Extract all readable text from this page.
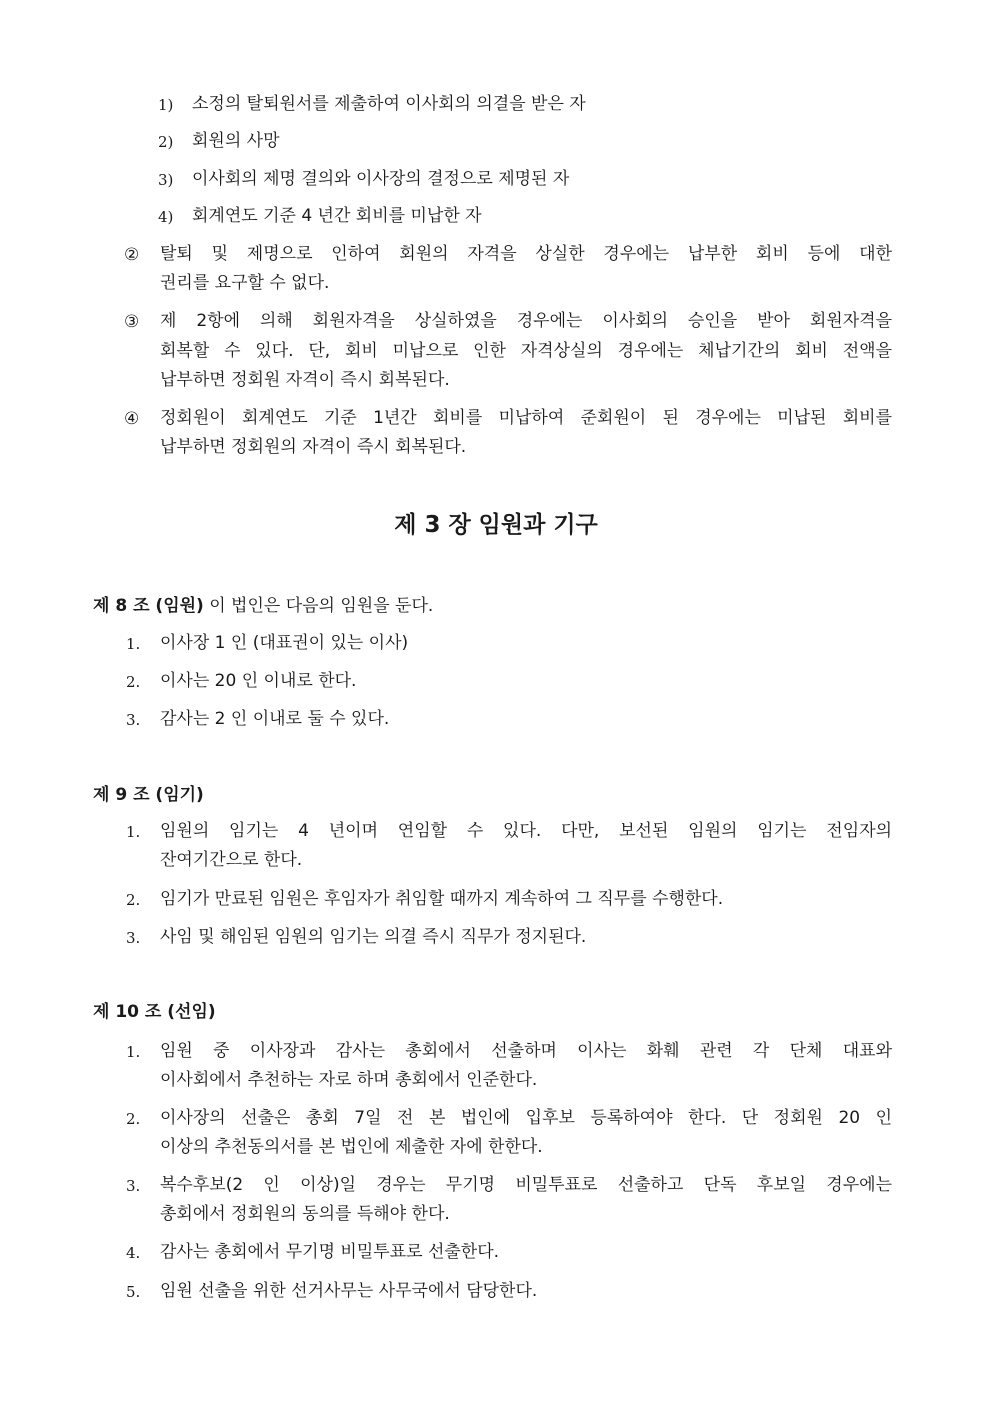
1) 소정의 탈퇴원서를 제출하여 이사회의 의결을 받은 자
2) 회원의 사망
3) 이사회의 제명 결의와 이사장의 결정으로 제명된 자
4) 회계연도 기준 4 년간 회비를 미납한 자
② 탈퇴 및 제명으로 인하여 회원의 자격을 상실한 경우에는 납부한 회비 등에 대한
권리를 요구할 수 없다.
③ 제 2항에 의해 회원자격을 상실하였을 경우에는 이사회의 승인을 받아 회원자격을
회복할 수 있다. 단, 회비 미납으로 인한 자격상실의 경우에는 체납기간의 회비 전액을
납부하면 정회원 자격이 즉시 회복된다.
④ 정회원이 회계연도 기준 1년간 회비를 미납하여 준회원이 된 경우에는 미납된 회비를
납부하면 정회원의 자격이 즉시 회복된다.
제 3 장 임원과 기구
제 8 조 (임원) 이 법인은 다음의 임원을 둔다.
1. 이사장 1 인 (대표권이 있는 이사)
2. 이사는 20 인 이내로 한다.
3. 감사는 2 인 이내로 둘 수 있다.
제 9 조 (임기)
1. 임원의 임기는 4 년이며 연임할 수 있다. 다만, 보선된 임원의 임기는 전임자의
잔여기간으로 한다.
2. 임기가 만료된 임원은 후임자가 취임할 때까지 계속하여 그 직무를 수행한다.
3. 사임 및 해임된 임원의 임기는 의결 즉시 직무가 정지된다.
제 10 조 (선임)
1. 임원 중 이사장과 감사는 총회에서 선출하며 이사는 화훼 관련 각 단체 대표와
이사회에서 추천하는 자로 하며 총회에서 인준한다.
2. 이사장의 선출은 총회 7일 전 본 법인에 입후보 등록하여야 한다. 단 정회원 20 인
이상의 추천동의서를 본 법인에 제출한 자에 한한다.
3. 복수후보(2 인 이상)일 경우는 무기명 비밀투표로 선출하고 단독 후보일 경우에는
총회에서 정회원의 동의를 득해야 한다.
4. 감사는 총회에서 무기명 비밀투표로 선출한다.
5. 임원 선출을 위한 선거사무는 사무국에서 담당한다.
